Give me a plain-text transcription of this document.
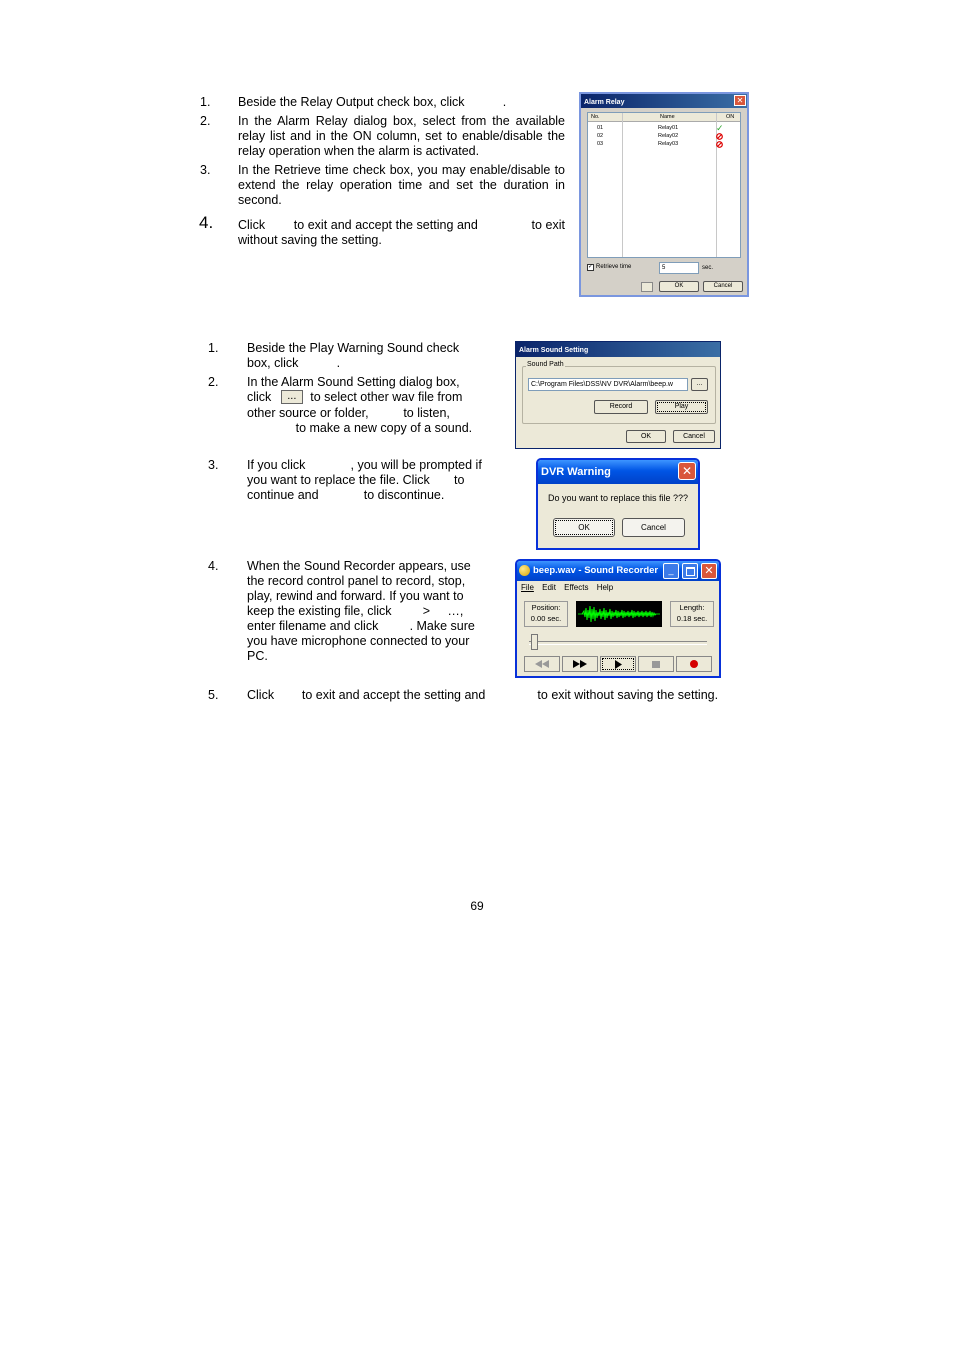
1. Beside the Relay Output check box, click           .
2. In the Alarm Relay dialog box, select from the available relay list and in the ON column, set to enable/disable the relay operation when the alarm is activated.
3. In the Retrieve time check box, you may enable/disable to extend the relay operation time and set the duration in second.
4. Click        to exit and accept the setting and               to exit without saving the setting.
Alarm Relay	✕
No.	Name	ON
01	Relay01	✓
02	Relay02
03	Relay03
✓ Retrieve time	5	sec.
OK	Cancel
1. Beside the Play Warning Sound check box, click           .
2. In the Alarm Sound Setting dialog box,
click ... to select other wav file from
other source or folder,          to listen,
to make a new copy of a sound.
3. If you click             , you will be prompted if you want to replace the file. Click       to continue and             to discontinue.
4. When the Sound Recorder appears, use the record control panel to record, stop, play, rewind and forward. If you want to keep the existing file, click         >     …, enter filename and click         . Make sure you have microphone connected to your PC.
5. Click        to exit and accept the setting and               to exit without saving the setting.
Alarm Sound Setting
Sound Path
C:\Program Files\DSS\NV DVR\Alarm\beep.w	...
Record	Play
OK	Cancel
DVR Warning	✕
Do you want to replace this file ???
OK	Cancel
beep.wav - Sound Recorder	_	✕
File Edit Effects Help
Position:
0.00 sec.
Length:
0.18 sec.
69
